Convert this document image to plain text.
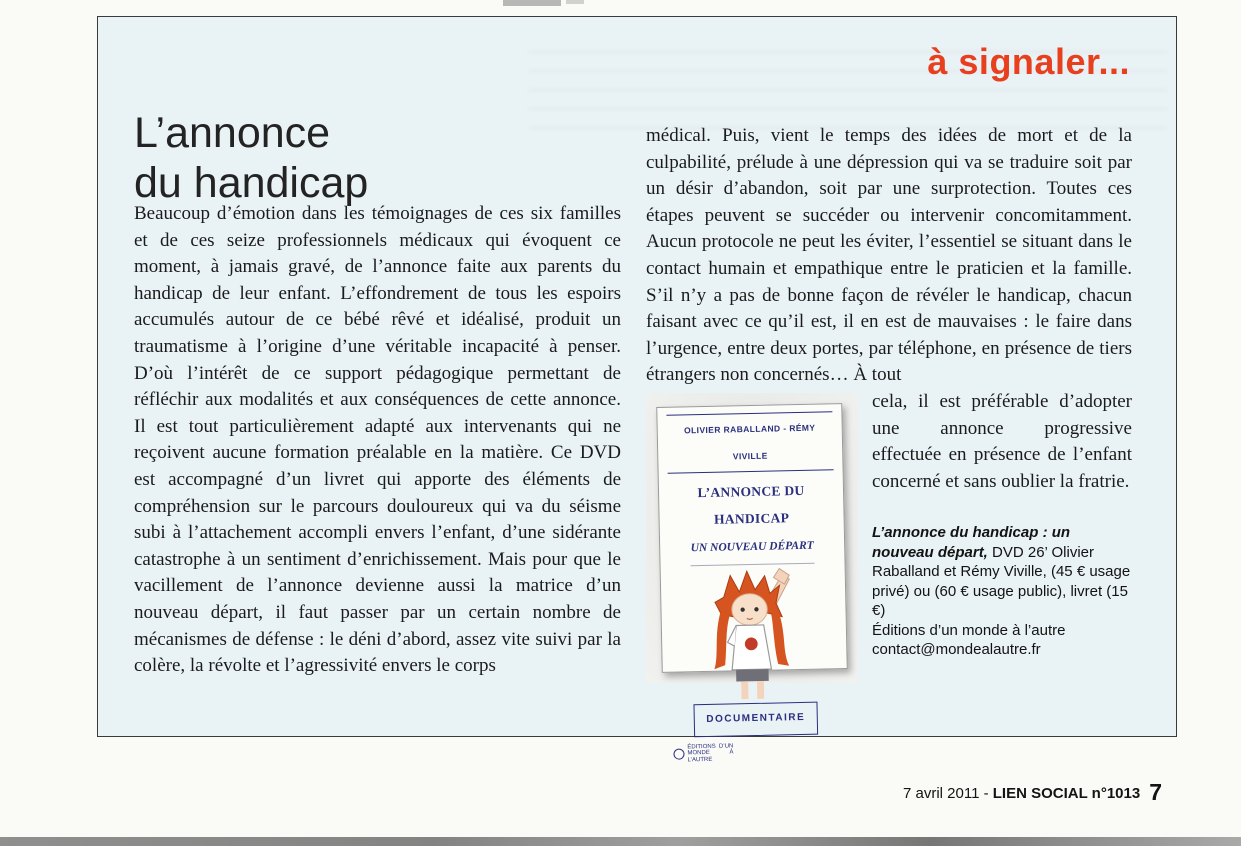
à signaler...
L’annonce
du handicap
Beaucoup d’émotion dans les témoignages de ces six familles et de ces seize professionnels médicaux qui évoquent ce moment, à jamais gravé, de l’annonce faite aux parents du handicap de leur enfant. L’effondrement de tous les espoirs accumulés autour de ce bébé rêvé et idéalisé, produit un traumatisme à l’origine d’une véritable incapacité à penser. D’où l’intérêt de ce support pédagogique permettant de réfléchir aux modalités et aux conséquences de cette annonce. Il est tout particulièrement adapté aux intervenants qui ne reçoivent aucune formation préalable en la matière. Ce DVD est accompagné d’un livret qui apporte des éléments de compréhension sur le parcours douloureux qui va du séisme subi à l’attachement accompli envers l’enfant, d’une sidérante catastrophe à un sentiment d’enrichissement. Mais pour que le vacillement de l’annonce devienne aussi la matrice d’un nouveau départ, il faut passer par un certain nombre de mécanismes de défense : le déni d’abord, assez vite suivi par la colère, la révolte et l’agressivité envers le corps
médical. Puis, vient le temps des idées de mort et de la culpabilité, prélude à une dépression qui va se traduire soit par un désir d’abandon, soit par une surprotection. Toutes ces étapes peuvent se succéder ou intervenir concomitamment. Aucun protocole ne peut les éviter, l’essentiel se situant dans le contact humain et empathique entre le praticien et la famille. S’il n’y a pas de bonne façon de révéler le handicap, chacun faisant avec ce qu’il est, il en est de mauvaises : le faire dans l’urgence, entre deux portes, par téléphone, en présence de tiers étrangers non concernés… À tout
OLIVIER RABALLAND - RÉMY VIVILLE
L’ANNONCE DU HANDICAP
UN NOUVEAU DÉPART
DOCUMENTAIRE
ÉDITIONS D’UN MONDE À L’AUTRE
cela, il est préférable d’adopter une annonce progressive effectuée en présence de l’enfant concerné et sans oublier la fratrie.
L’annonce du handicap : un nouveau départ, DVD 26’ Olivier Raballand et Rémy Viville, (45 € usage privé) ou (60 € usage public), livret (15 €)
Éditions d’un monde à l’autre
contact@mondealautre.fr
7 avril 2011 - LIEN SOCIAL n°1013 7
